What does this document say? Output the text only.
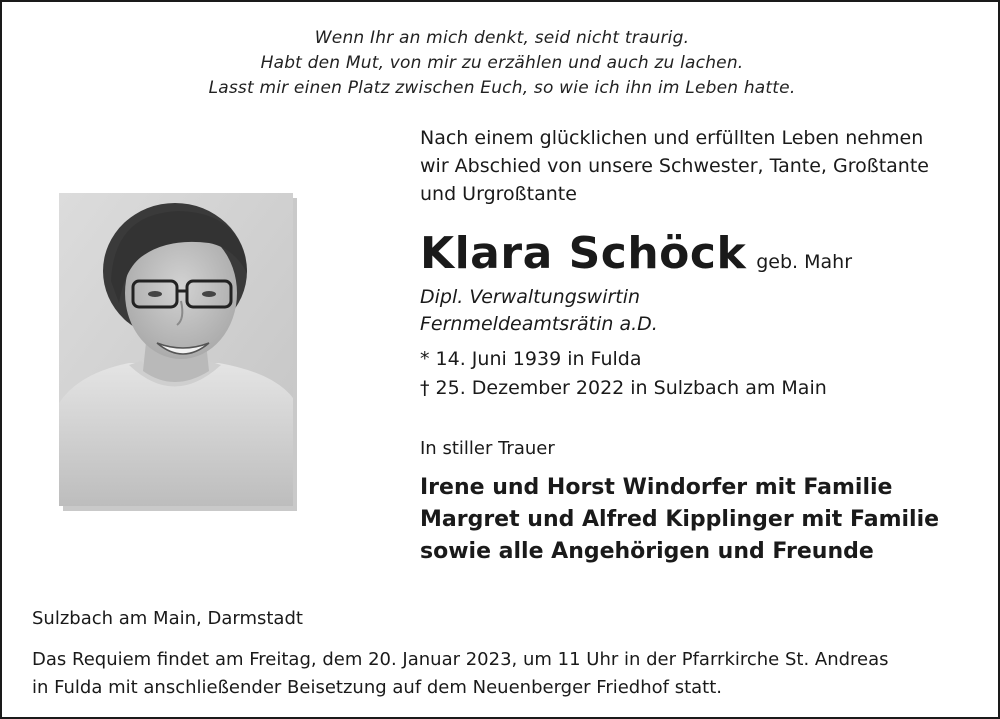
Wenn Ihr an mich denkt, seid nicht traurig.
Habt den Mut, von mir zu erzählen und auch zu lachen.
Lasst mir einen Platz zwischen Euch, so wie ich ihn im Leben hatte.
Nach einem glücklichen und erfüllten Leben nehmen
wir Abschied von unsere Schwester, Tante, Großtante
und Urgroßtante
Klara Schöck geb. Mahr
Dipl. Verwaltungswirtin
Fernmeldeamtsrätin a.D.
* 14. Juni 1939 in Fulda
† 25. Dezember 2022 in Sulzbach am Main
In stiller Trauer
Irene und Horst Windorfer mit Familie
Margret und Alfred Kipplinger mit Familie
sowie alle Angehörigen und Freunde
Sulzbach am Main, Darmstadt
Das Requiem findet am Freitag, dem 20. Januar 2023, um 11 Uhr in der Pfarrkirche St. Andreas
in Fulda mit anschließender Beisetzung auf dem Neuenberger Friedhof statt.
